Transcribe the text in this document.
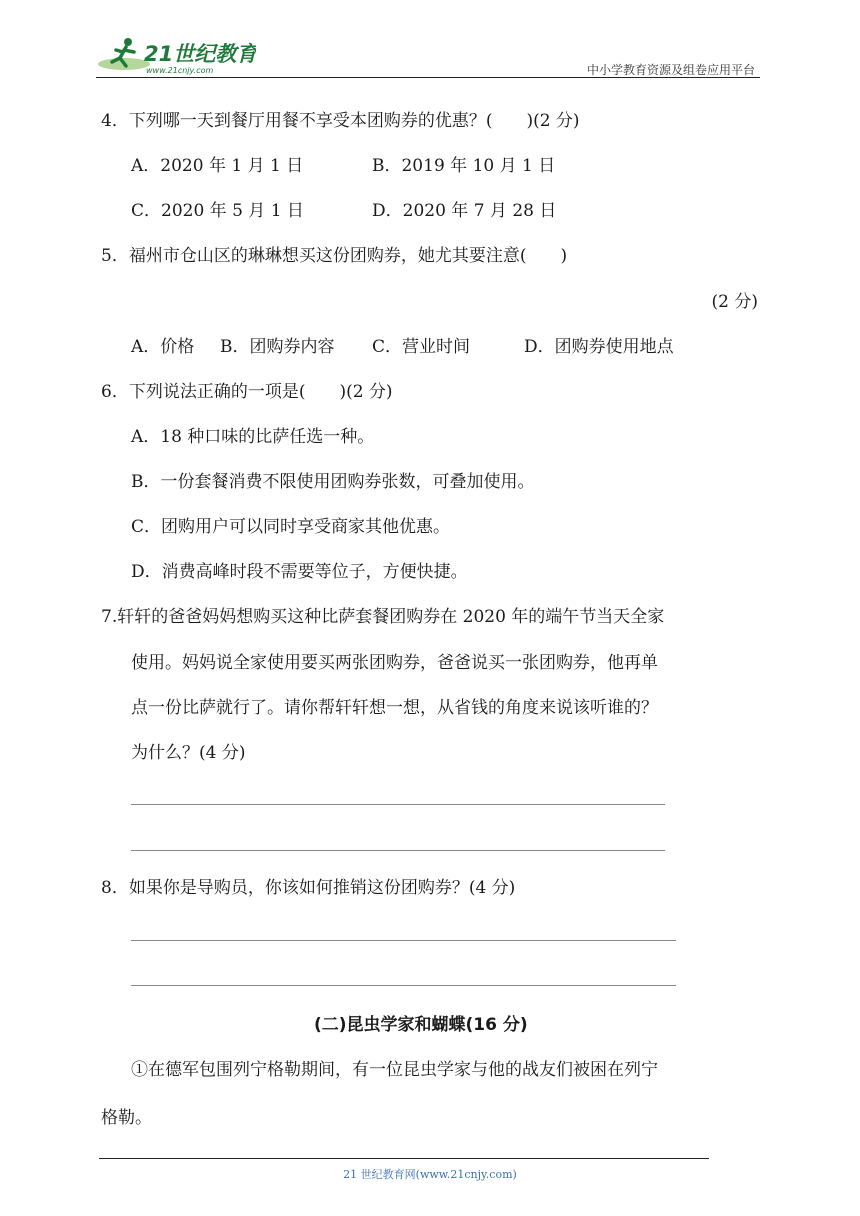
21世纪教育
www.21cnjy.com	中小学教育资源及组卷应用平台
4．下列哪一天到餐厅用餐不享受本团购券的优惠？(　　)(2 分)
A．2020 年 1 月 1 日	B．2019 年 10 月 1 日
C．2020 年 5 月 1 日	D．2020 年 7 月 28 日
5．福州市仓山区的琳琳想买这份团购券，她尤其要注意(　　)
(2 分)
A．价格 B．团购券内容 C．营业时间	D．团购券使用地点
6．下列说法正确的一项是(　　)(2 分)
A．18 种口味的比萨任选一种。
B．一份套餐消费不限使用团购券张数，可叠加使用。
C．团购用户可以同时享受商家其他优惠。
D．消费高峰时段不需要等位子，方便快捷。
7.轩轩的爸爸妈妈想购买这种比萨套餐团购券在 2020 年的端午节当天全家
使用。妈妈说全家使用要买两张团购券，爸爸说买一张团购券，他再单
点一份比萨就行了。请你帮轩轩想一想，从省钱的角度来说该听谁的？
为什么？(4 分)
8．如果你是导购员，你该如何推销这份团购券？(4 分)
(二)昆虫学家和蝴蝶(16 分)
①在德军包围列宁格勒期间，有一位昆虫学家与他的战友们被困在列宁
格勒。
21 世纪教育网(www.21cnjy.com)
